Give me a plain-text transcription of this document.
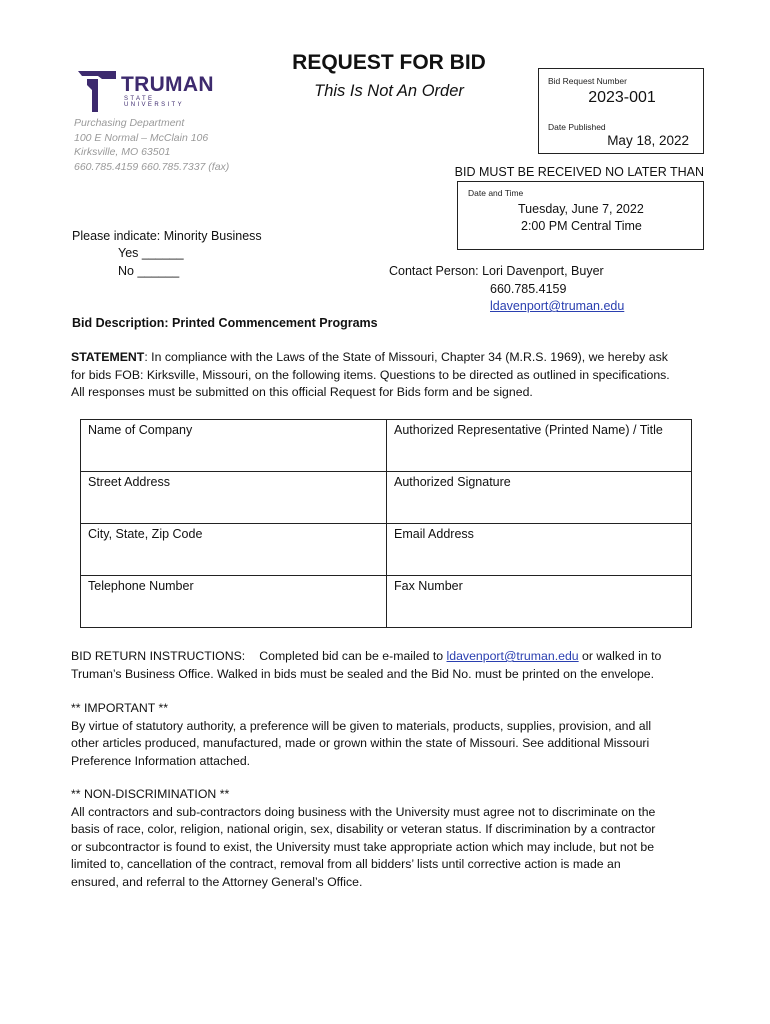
TRUMAN
STATE UNIVERSITY
Purchasing Department
100 E Normal – McClain 106
Kirksville, MO 63501
660.785.4159 660.785.7337 (fax)
REQUEST FOR BID
This Is Not An Order
Bid Request Number
2023-001
Date Published
May 18, 2022
BID MUST BE RECEIVED NO LATER THAN
Date and Time
Tuesday, June 7, 2022
2:00 PM Central Time
Please indicate: Minority Business
Yes ______
No ______	Contact Person: Lori Davenport, Buyer
660.785.4159
ldavenport@truman.edu
Bid Description: Printed Commencement Programs
STATEMENT: In compliance with the Laws of the State of Missouri, Chapter 34 (M.R.S. 1969), we hereby ask
for bids FOB: Kirksville, Missouri, on the following items. Questions to be directed as outlined in specifications.
All responses must be submitted on this official Request for Bids form and be signed.
Name of Company	Authorized Representative (Printed Name) / Title
Street Address	Authorized Signature
City, State, Zip Code	Email Address
Telephone Number	Fax Number
BID RETURN INSTRUCTIONS: Completed bid can be e-mailed to ldavenport@truman.edu or walked in to
Truman’s Business Office. Walked in bids must be sealed and the Bid No. must be printed on the envelope.
** IMPORTANT **
By virtue of statutory authority, a preference will be given to materials, products, supplies, provision, and all
other articles produced, manufactured, made or grown within the state of Missouri. See additional Missouri
Preference Information attached.
** NON-DISCRIMINATION **
All contractors and sub-contractors doing business with the University must agree not to discriminate on the
basis of race, color, religion, national origin, sex, disability or veteran status. If discrimination by a contractor
or subcontractor is found to exist, the University must take appropriate action which may include, but not be
limited to, cancellation of the contract, removal from all bidders’ lists until corrective action is made an
ensured, and referral to the Attorney General’s Office.
